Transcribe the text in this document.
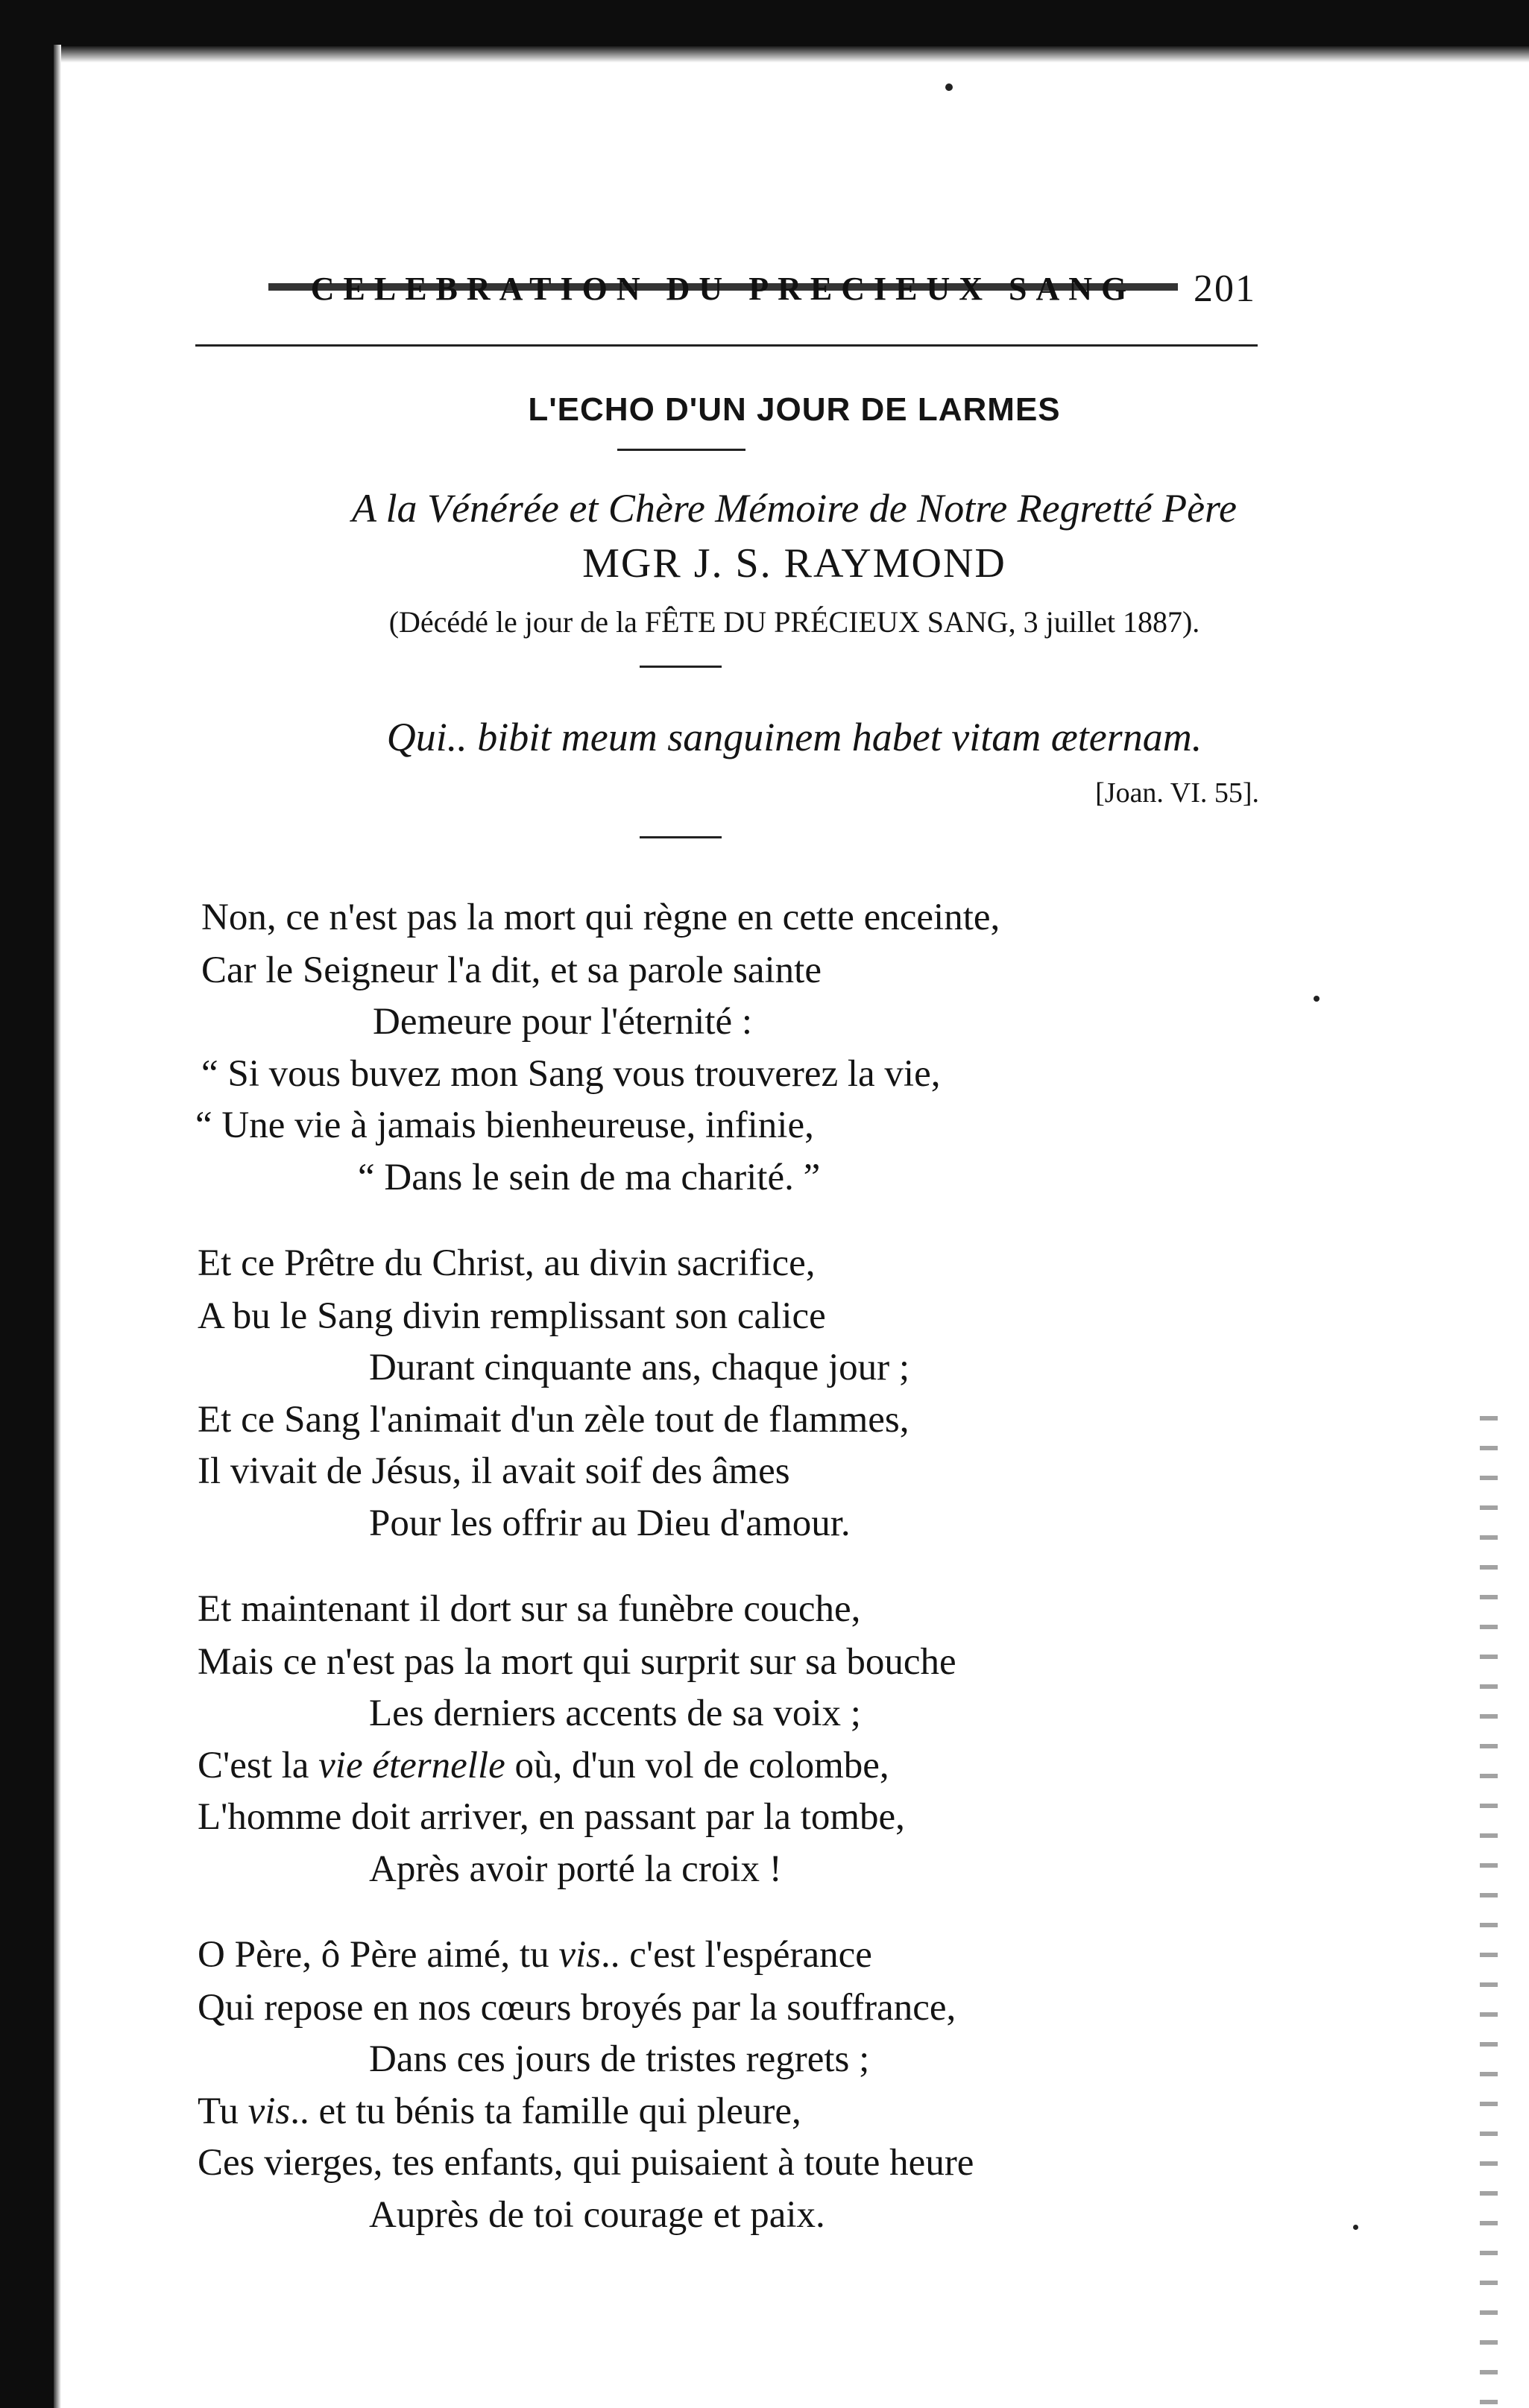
CELEBRATION DU PRECIEUX SANG 201
L'ECHO D'UN JOUR DE LARMES
A la Vénérée et Chère Mémoire de Notre Regretté Père
MGR J. S. RAYMOND
(Décédé le jour de la FÊTE DU PRÉCIEUX SANG, 3 juillet 1887).
Qui.. bibit meum sanguinem habet vitam æternam.
[Joan. VI. 55].
Non, ce n'est pas la mort qui règne en cette enceinte,
Car le Seigneur l'a dit, et sa parole sainte
Demeure pour l'éternité :
“ Si vous buvez mon Sang vous trouverez la vie,
“ Une vie à jamais bienheureuse, infinie,
“ Dans le sein de ma charité. ”
Et ce Prêtre du Christ, au divin sacrifice,
A bu le Sang divin remplissant son calice
Durant cinquante ans, chaque jour ;
Et ce Sang l'animait d'un zèle tout de flammes,
Il vivait de Jésus, il avait soif des âmes
Pour les offrir au Dieu d'amour.
Et maintenant il dort sur sa funèbre couche,
Mais ce n'est pas la mort qui surprit sur sa bouche
Les derniers accents de sa voix ;
C'est la vie éternelle où, d'un vol de colombe,
L'homme doit arriver, en passant par la tombe,
Après avoir porté la croix !
O Père, ô Père aimé, tu vis.. c'est l'espérance
Qui repose en nos cœurs broyés par la souffrance,
Dans ces jours de tristes regrets ;
Tu vis.. et tu bénis ta famille qui pleure,
Ces vierges, tes enfants, qui puisaient à toute heure
Auprès de toi courage et paix.
